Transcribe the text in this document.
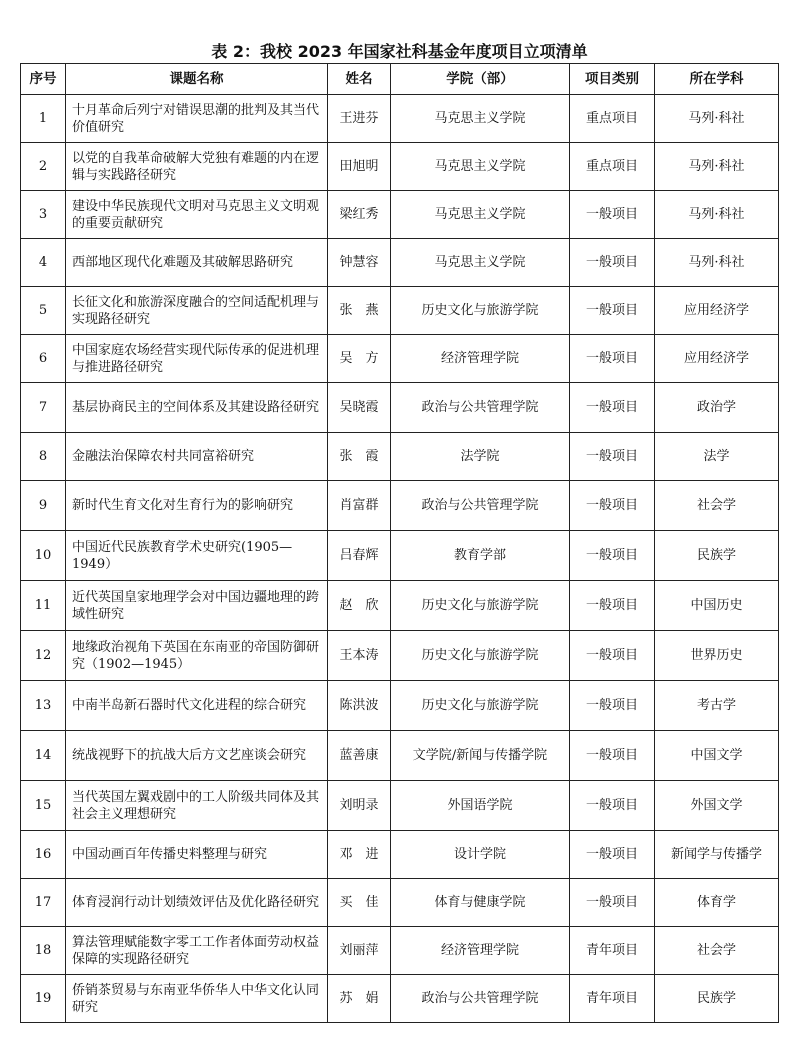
表 2：我校 2023 年国家社科基金年度项目立项清单
序号	课题名称	姓名	学院（部）	项目类别	所在学科
1	十月革命后列宁对错误思潮的批判及其当代价值研究	王进芬	马克思主义学院	重点项目	马列·科社
2	以党的自我革命破解大党独有难题的内在逻辑与实践路径研究	田旭明	马克思主义学院	重点项目	马列·科社
3	建设中华民族现代文明对马克思主义文明观的重要贡献研究	梁红秀	马克思主义学院	一般项目	马列·科社
4	西部地区现代化难题及其破解思路研究	钟慧容	马克思主义学院	一般项目	马列·科社
5	长征文化和旅游深度融合的空间适配机理与实现路径研究	张　燕	历史文化与旅游学院	一般项目	应用经济学
6	中国家庭农场经营实现代际传承的促进机理与推进路径研究	吴　方	经济管理学院	一般项目	应用经济学
7	基层协商民主的空间体系及其建设路径研究	吴晓霞	政治与公共管理学院	一般项目	政治学
8	金融法治保障农村共同富裕研究	张　霞	法学院	一般项目	法学
9	新时代生育文化对生育行为的影响研究	肖富群	政治与公共管理学院	一般项目	社会学
10	中国近代民族教育学术史研究(1905—1949）	吕春辉	教育学部	一般项目	民族学
11	近代英国皇家地理学会对中国边疆地理的跨域性研究	赵　欣	历史文化与旅游学院	一般项目	中国历史
12	地缘政治视角下英国在东南亚的帝国防御研究（1902—1945）	王本涛	历史文化与旅游学院	一般项目	世界历史
13	中南半岛新石器时代文化进程的综合研究	陈洪波	历史文化与旅游学院	一般项目	考古学
14	统战视野下的抗战大后方文艺座谈会研究	蓝善康	文学院/新闻与传播学院	一般项目	中国文学
15	当代英国左翼戏剧中的工人阶级共同体及其社会主义理想研究	刘明录	外国语学院	一般项目	外国文学
16	中国动画百年传播史料整理与研究	邓　进	设计学院	一般项目	新闻学与传播学
17	体育浸润行动计划绩效评估及优化路径研究	买　佳	体育与健康学院	一般项目	体育学
18	算法管理赋能数字零工工作者体面劳动权益保障的实现路径研究	刘丽萍	经济管理学院	青年项目	社会学
19	侨销茶贸易与东南亚华侨华人中华文化认同研究	苏　娟	政治与公共管理学院	青年项目	民族学
